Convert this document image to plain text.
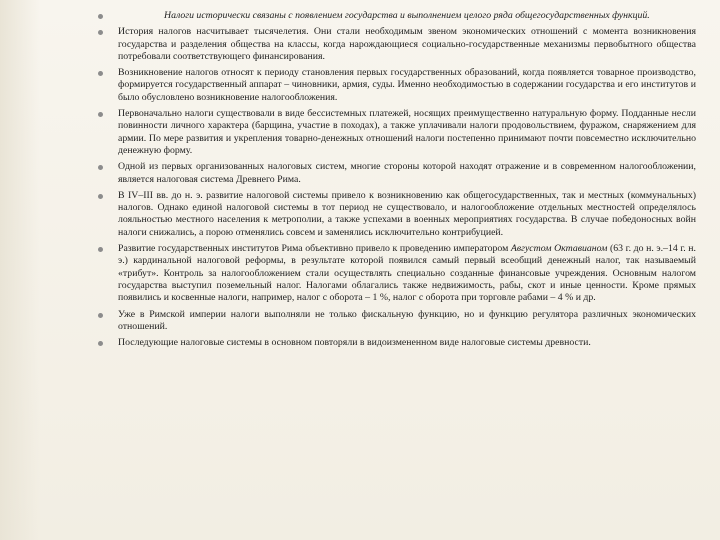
Налоги исторически связаны с появлением государства и выполнением целого ряда общегосударственных функций.
История налогов насчитывает тысячелетия. Они стали необходимым звеном экономических отношений с момента возникновения государства и разделения общества на классы, когда нарождающиеся социально-государственные механизмы первобытного общества потребовали соответствующего финансирования.
Возникновение налогов относят к периоду становления первых государственных образований, когда появляется товарное производство, формируется государственный аппарат – чиновники, армия, суды. Именно необходимостью в содержании государства и его институтов и было обусловлено возникновение налогообложения.
Первоначально налоги существовали в виде бессистемных платежей, носящих преимущественно натуральную форму. Подданные несли повинности личного характера (барщина, участие в походах), а также уплачивали налоги продовольствием, фуражом, снаряжением для армии. По мере развития и укрепления товарно-денежных отношений налоги постепенно принимают почти повсеместно исключительно денежную форму.
Одной из первых организованных налоговых систем, многие стороны которой находят отражение и в современном налогообложении, является налоговая система Древнего Рима.
В IV–III вв. до н. э. развитие налоговой системы привело к возникновению как общегосударственных, так и местных (коммунальных) налогов. Однако единой налоговой системы в тот период не существовало, и налогообложение отдельных местностей определялось лояльностью местного населения к метрополии, а также успехами в военных мероприятиях государства. В случае победоносных войн налоги снижались, а порою отменялись совсем и заменялись исключительно контрибуцией.
Развитие государственных институтов Рима объективно привело к проведению императором Августом Октавианом (63 г. до н. э.–14 г. н. э.) кардинальной налоговой реформы, в результате которой появился самый первый всеобщий денежный налог, так называемый «трибут». Контроль за налогообложением стали осуществлять специально созданные финансовые учреждения. Основным налогом государства выступил поземельный налог. Налогами облагались также недвижимость, рабы, скот и иные ценности. Кроме прямых появились и косвенные налоги, например, налог с оборота – 1 %, налог с оборота при торговле рабами – 4 % и др.
Уже в Римской империи налоги выполняли не только фискальную функцию, но и функцию регулятора различных экономических отношений.
Последующие налоговые системы в основном повторяли в видоизмененном виде налоговые системы древности.
